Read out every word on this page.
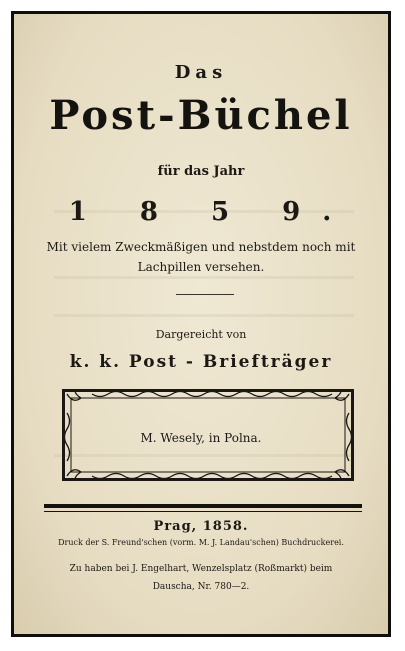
Das
Post-Büchel
für das Jahr
1 8 5 9.
Mit vielem Zweckmäßigen und nebstdem noch mit
Lachpillen versehen.
Dargereicht von
k. k. Post - Briefträger
M. Wesely, in Polna.
Prag, 1858.
Druck der S. Freund'schen (vorm. M. J. Landau'schen) Buchdruckerei.
Zu haben bei J. Engelhart, Wenzelsplatz (Roßmarkt) beim
Dauscha, Nr. 780—2.
